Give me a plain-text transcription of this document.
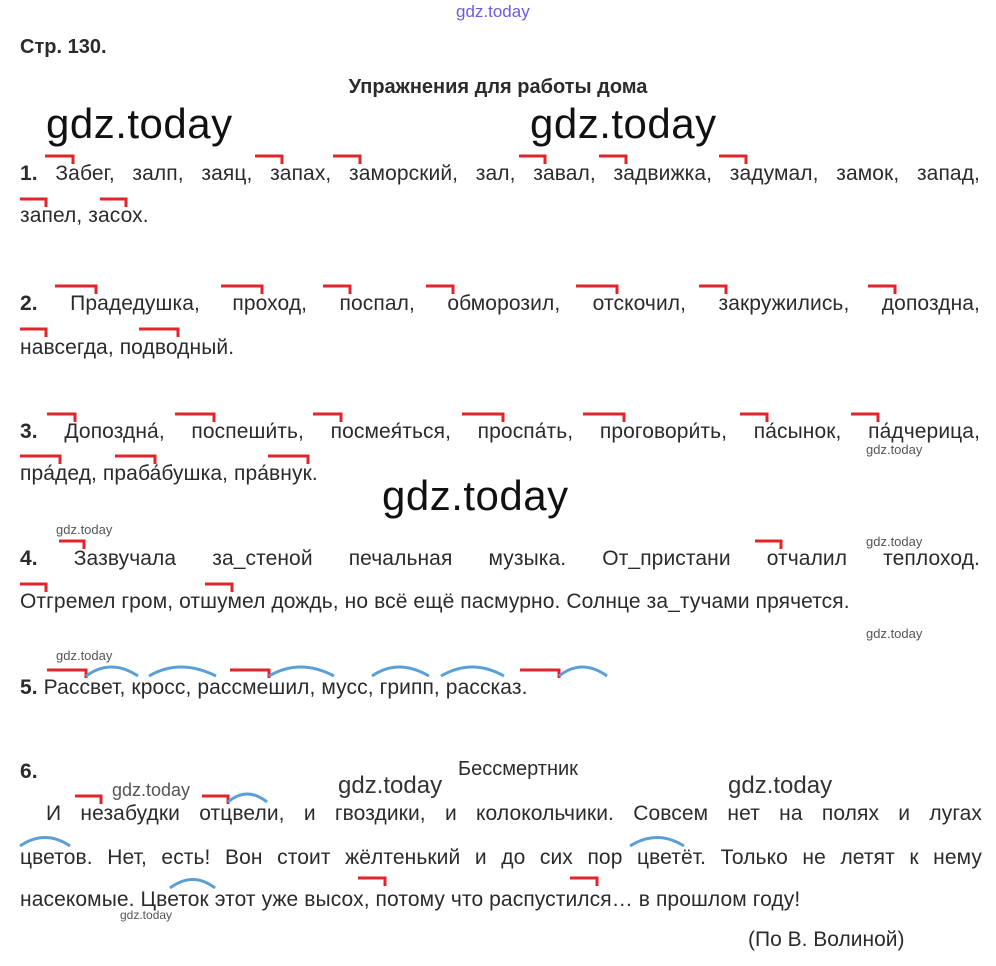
gdz.today
Стр. 130.
Упражнения для работы дома
gdz.today	gdz.today
1. Забег, залп, заяц, запах, заморский, зал, завал, задвижка, задумал, замок, запад,
запел, засох.
2. Прадедушка, проход, поспал, обморозил, отскочил, закружились, допоздна,
навсегда, подводный.
3. Допоздна́, поспеши́ть, посмея́ться, проспа́ть, проговори́ть, па́сынок, па́дчерица,
gdz.today
пра́дед, праба́бушка, пра́внук. gdz.today
gdz.today
gdz.today
4. Зазвучала за_стеной печальная музыка. От_пристани отчалил теплоход.
Отгремел гром, отшумел дождь, но всё ещё пасмурно. Солнце за_тучами прячется.
gdz.today
gdz.today
5. Рассвет, кросс, рассмешил, мусс, грипп, рассказ.
6.	Бессмертник
gdz.today	gdz.today
gdz.today
И незабудки отцвели, и гвоздики, и колокольчики. Совсем нет на полях и лугах
цветов. Нет, есть! Вон стоит жёлтенький и до сих пор цветёт. Только не летят к нему
насекомые. Цветок этот уже высох, потому что распустился… в прошлом году!
gdz.today
(По В. Волиной)
